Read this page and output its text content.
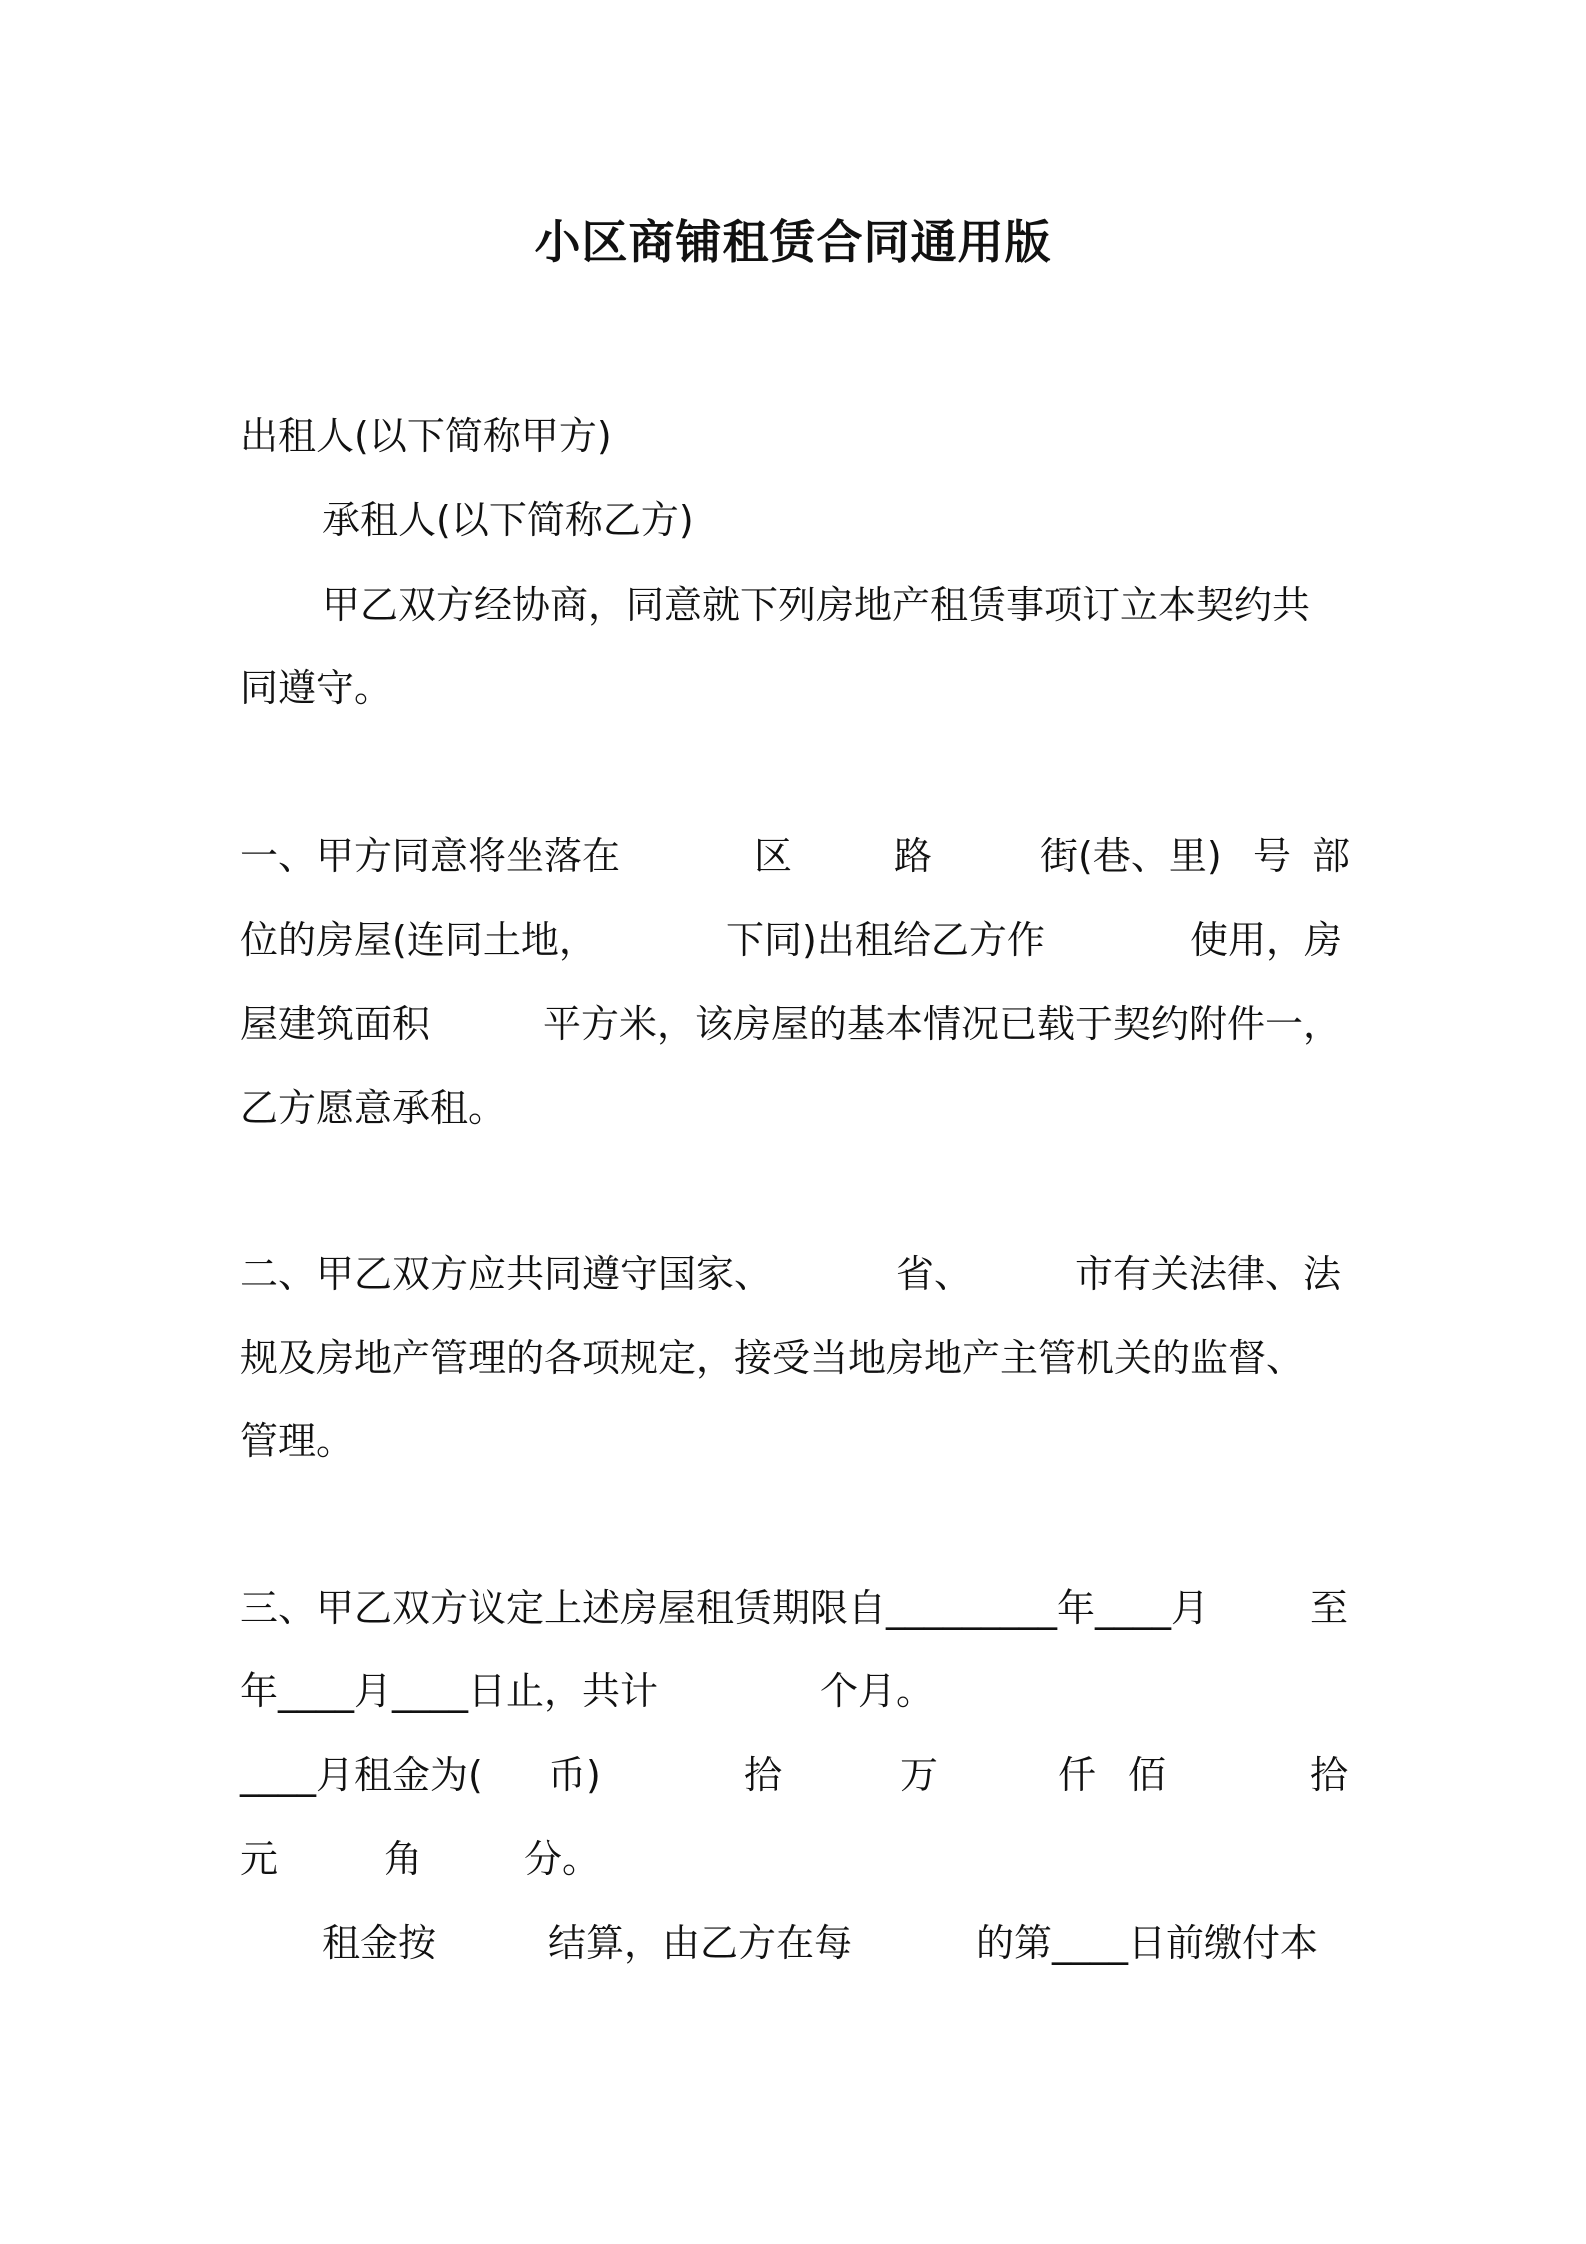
小区商铺租赁合同通用版
出租人(以下简称甲方)
承租人(以下简称乙方)
甲乙双方经协商，同意就下列房地产租赁事项订立本契约共
同遵守。
一、甲方同意将坐落在	区	路	街(巷、里) 号 部
位的房屋(连同土地，	下同)出租给乙方作	使用，房
屋建筑面积	平方米，该房屋的基本情况已载于契约附件一，
乙方愿意承租。
二、甲乙双方应共同遵守国家、	省、	市有关法律、法
规及房地产管理的各项规定，接受当地房地产主管机关的监督、
管理。
三、甲乙双方议定上述房屋租赁期限自_________年____月	至
年____月____日止，共计	个月。
____月租金为( 币)	拾	万	仟 佰	拾
元	角	分。
租金按	结算，由乙方在每	的第____日前缴付本
